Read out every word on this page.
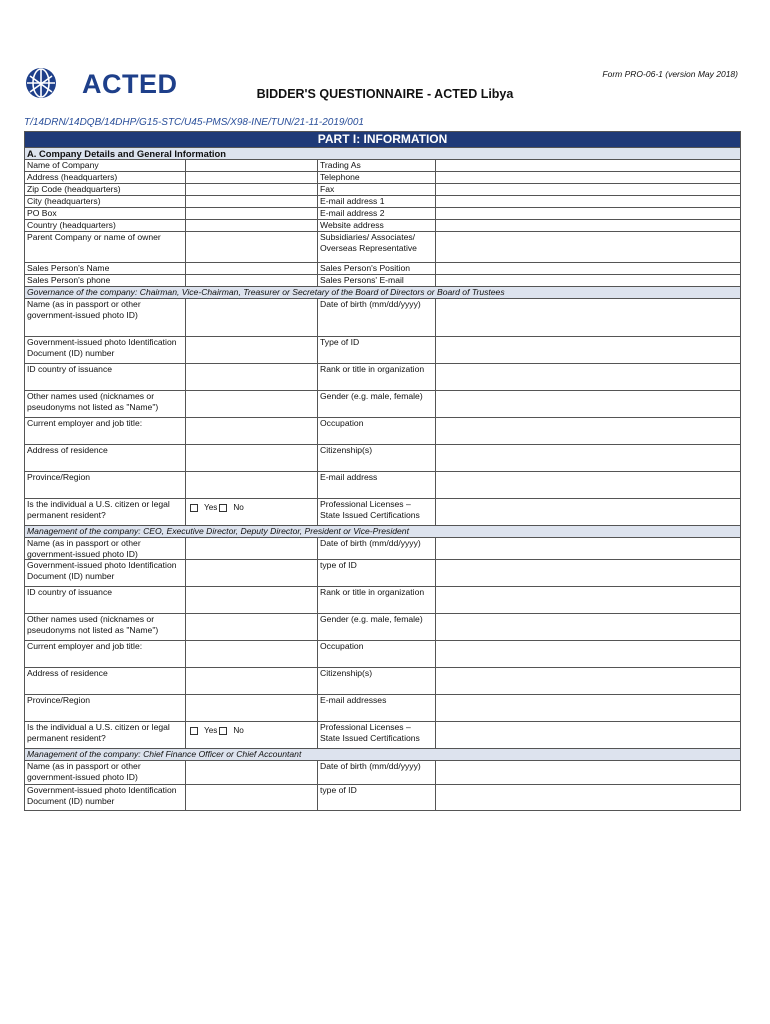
ACTED	Form PRO-06-1 (version May 2018)
BIDDER'S QUESTIONNAIRE - ACTED Libya
T/14DRN/14DQB/14DHP/G15-STC/U45-PMS/X98-INE/TUN/21-11-2019/001
PART I: INFORMATION			
A. Company Details and General Information			
Name of Company		Trading As	
Address (headquarters)		Telephone	
Zip Code (headquarters)		Fax	
City (headquarters)		E-mail address 1	
PO Box		E-mail address 2	
Country (headquarters)		Website address	
Parent Company or name of owner		Subsidiaries/ Associates/ Overseas Representative	
Sales Person's Name		Sales Person's Position	
Sales Person's phone		Sales Persons' E-mail	
Governance of the company: Chairman, Vice-Chairman, Treasurer or Secretary of the Board of Directors or Board of Trustees			
Name (as in passport or other government-issued photo ID)		Date of birth (mm/dd/yyyy)	
Government-issued photo Identification Document (ID) number		Type of ID	
ID country of issuance		Rank or title in organization	
Other names used (nicknames or pseudonyms not listed as "Name")		Gender (e.g. male, female)	
Current employer and job title:		Occupation	
Address of residence		Citizenship(s)	
Province/Region		E-mail address	
Is the individual a U.S. citizen or legal permanent resident?	Yes No	Professional Licenses – State Issued Certifications	
Management of the company: CEO, Executive Director, Deputy Director, President or Vice-President			
Name (as in passport or other government-issued photo ID)		Date of birth (mm/dd/yyyy)	
Government-issued photo Identification Document (ID) number		type of ID	
ID country of issuance		Rank or title in organization	
Other names used (nicknames or pseudonyms not listed as "Name")		Gender (e.g. male, female)	
Current employer and job title:		Occupation	
Address of residence		Citizenship(s)	
Province/Region		E-mail addresses	
Is the individual a U.S. citizen or legal permanent resident?	Yes No	Professional Licenses – State Issued Certifications	
Management of the company: Chief Finance Officer or Chief Accountant			
Name (as in passport or other government-issued photo ID)		Date of birth (mm/dd/yyyy)	
Government-issued photo Identification Document (ID) number		type of ID	
